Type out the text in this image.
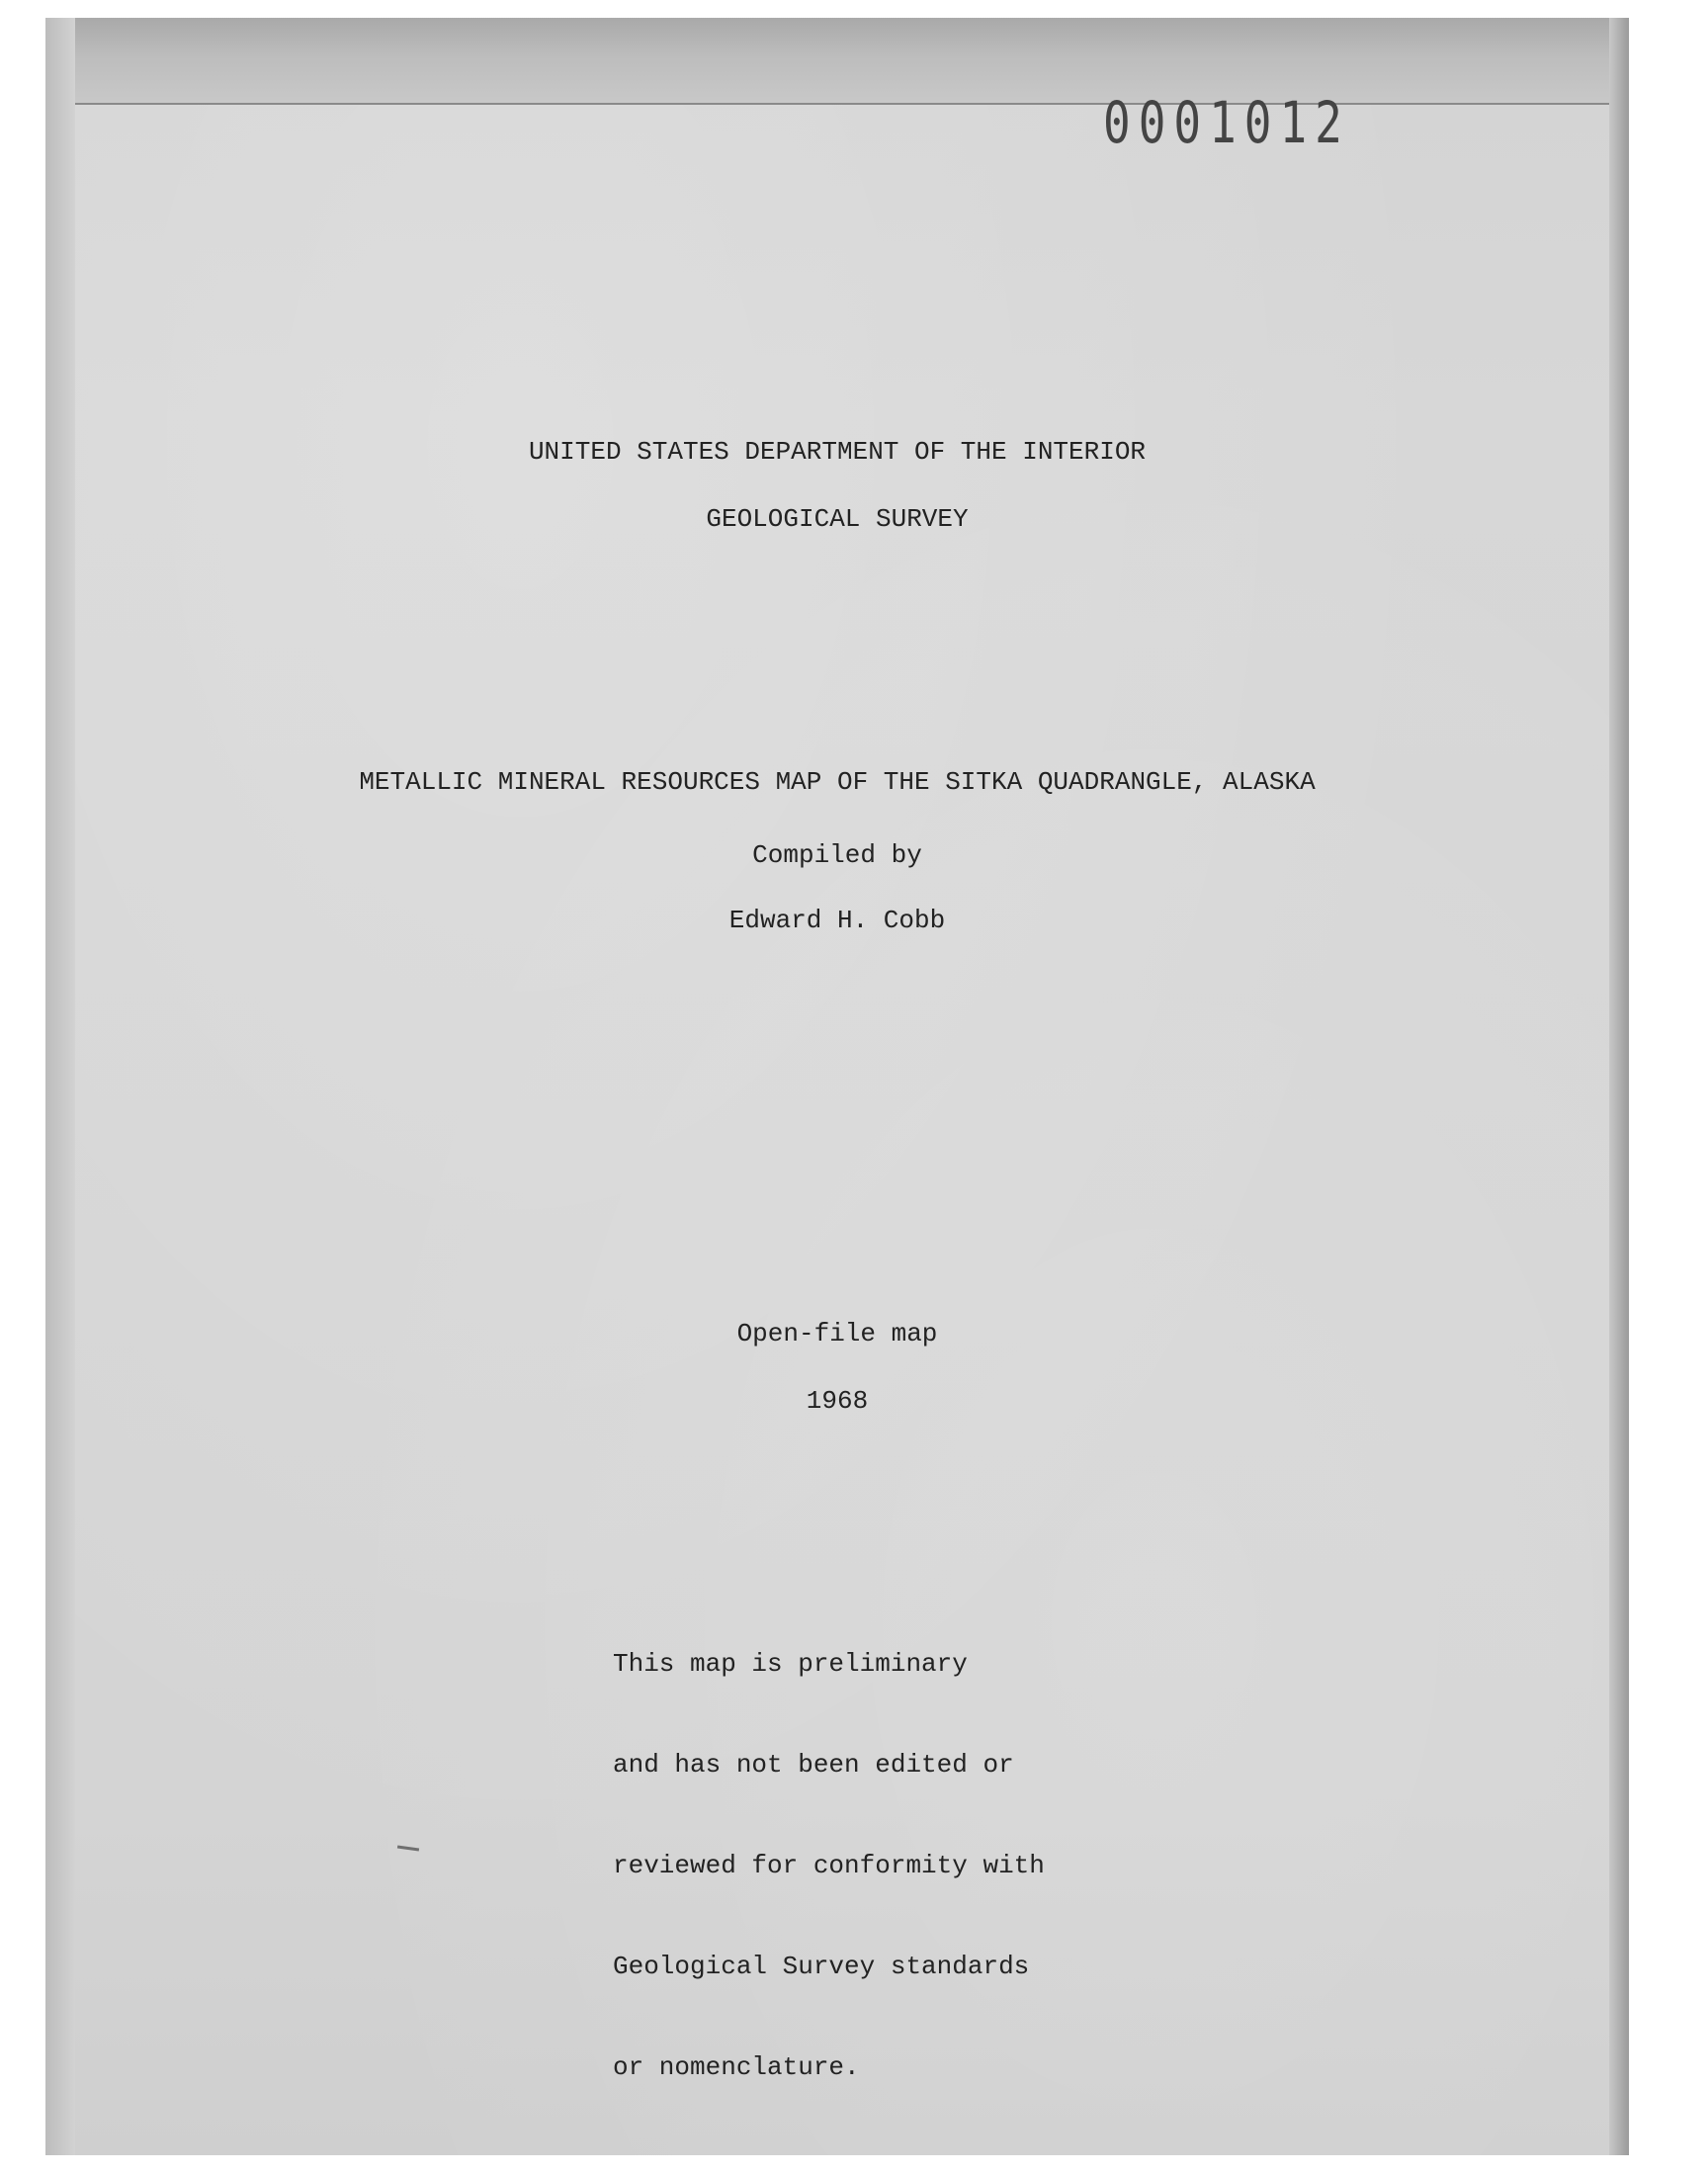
0001012
UNITED STATES DEPARTMENT OF THE INTERIOR
GEOLOGICAL SURVEY
METALLIC MINERAL RESOURCES MAP OF THE SITKA QUADRANGLE, ALASKA
Compiled by
Edward H. Cobb
Open-file map
1968

This map is preliminary

and has not been edited or

reviewed for conformity with

Geological Survey standards

or nomenclature.
